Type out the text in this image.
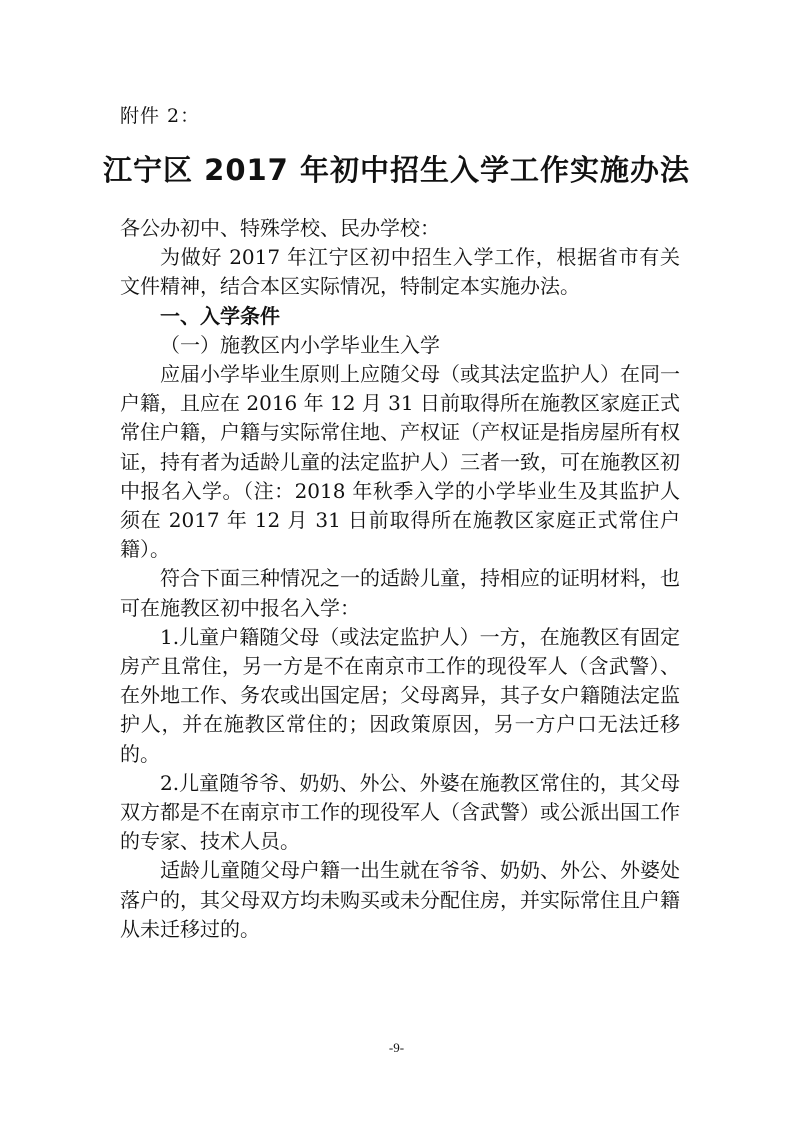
附件 2：
江宁区 2017 年初中招生入学工作实施办法

各公办初中、特殊学校、民办学校：

为做好 2017 年江宁区初中招生入学工作，根据省市有关文件精神，结合本区实际情况，特制定本实施办法。

一、入学条件

（一）施教区内小学毕业生入学

应届小学毕业生原则上应随父母（或其法定监护人）在同一户籍，且应在 2016 年 12 月 31 日前取得所在施教区家庭正式常住户籍，户籍与实际常住地、产权证（产权证是指房屋所有权证，持有者为适龄儿童的法定监护人）三者一致，可在施教区初中报名入学。（注：2018 年秋季入学的小学毕业生及其监护人须在 2017 年 12 月 31 日前取得所在施教区家庭正式常住户籍）。

符合下面三种情况之一的适龄儿童，持相应的证明材料，也可在施教区初中报名入学：

1.儿童户籍随父母（或法定监护人）一方，在施教区有固定房产且常住，另一方是不在南京市工作的现役军人（含武警）、在外地工作、务农或出国定居；父母离异，其子女户籍随法定监护人，并在施教区常住的；因政策原因，另一方户口无法迁移的。

2.儿童随爷爷、奶奶、外公、外婆在施教区常住的，其父母双方都是不在南京市工作的现役军人（含武警）或公派出国工作的专家、技术人员。

适龄儿童随父母户籍一出生就在爷爷、奶奶、外公、外婆处落户的，其父母双方均未购买或未分配住房，并实际常住且户籍从未迁移过的。

-9-
